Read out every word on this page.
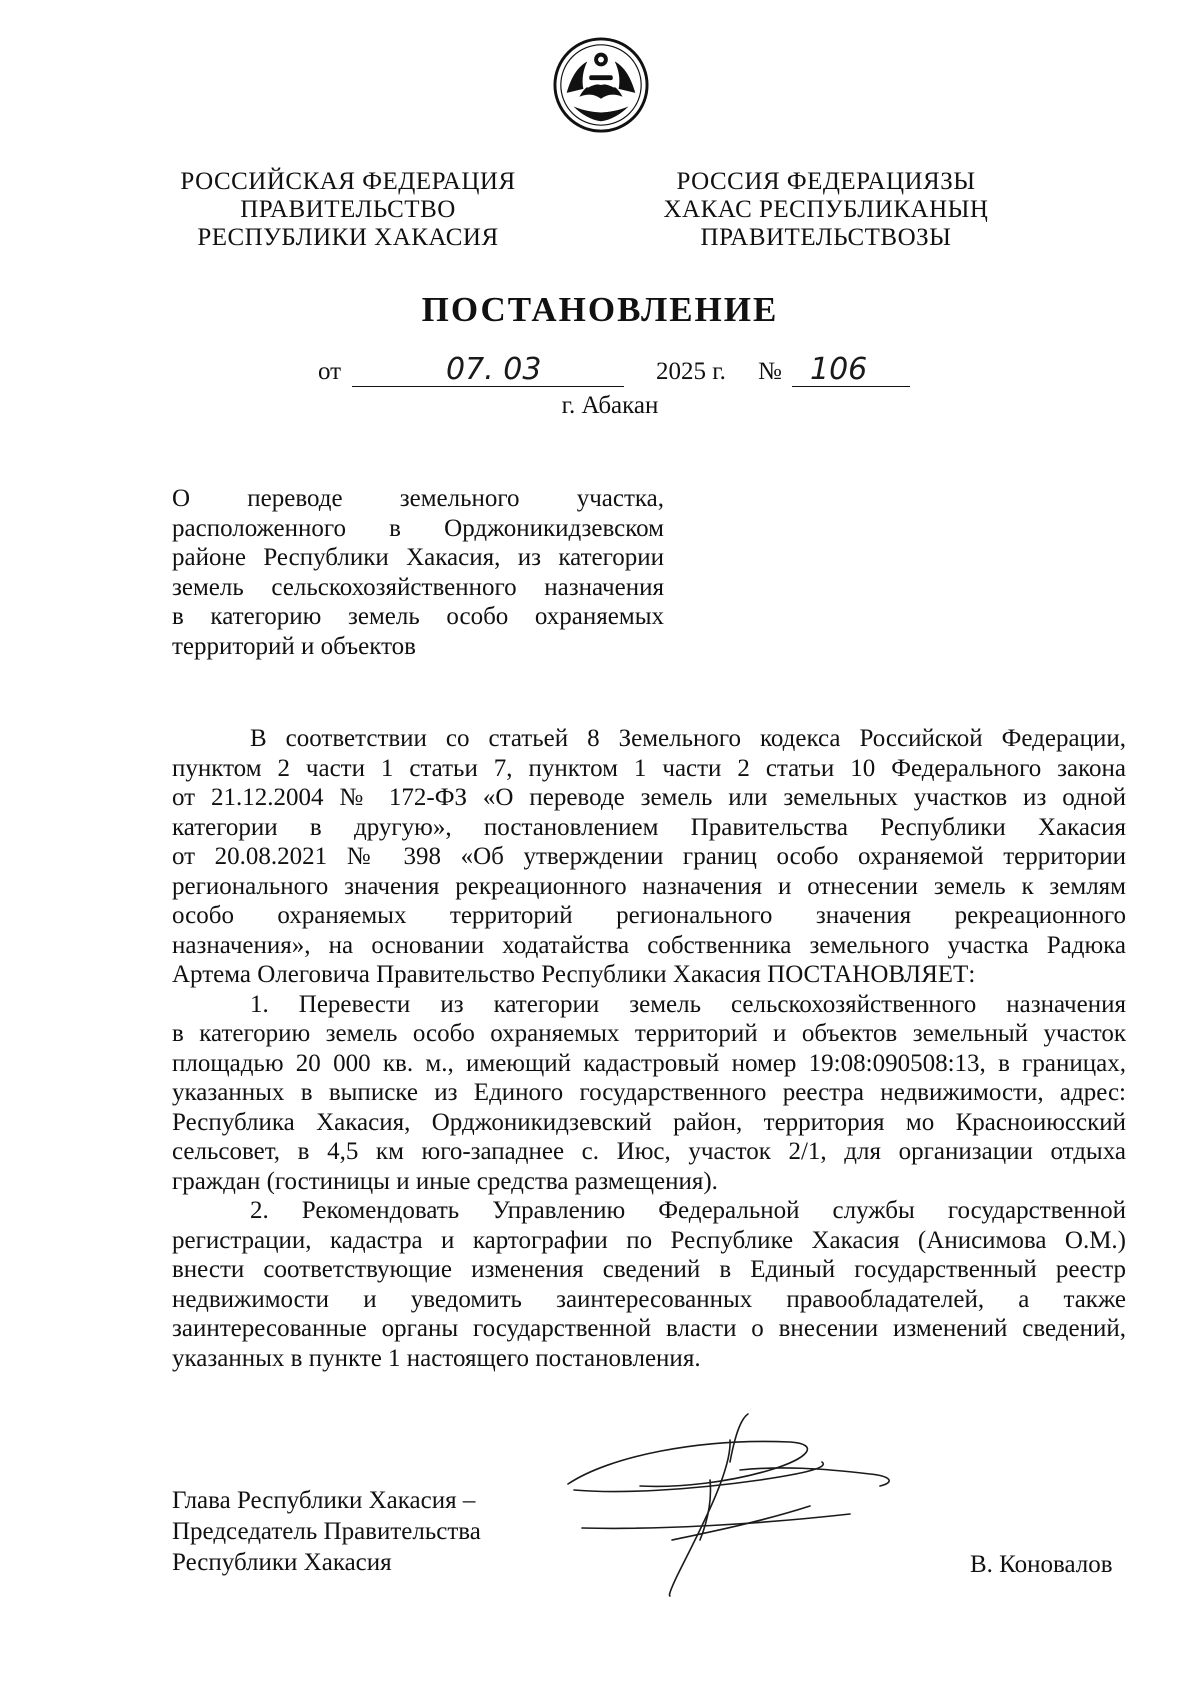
РОССИЙСКАЯ ФЕДЕРАЦИЯ
ПРАВИТЕЛЬСТВО
РЕСПУБЛИКИ ХАКАСИЯ
РОССИЯ ФЕДЕРАЦИЯЗЫ
ХАКАС РЕСПУБЛИКАНЫҢ
ПРАВИТЕЛЬСТВОЗЫ
ПОСТАНОВЛЕНИЕ
от	07. 03	2025 г. № 106
г. Абакан
О переводе земельного участка,
расположенного в Орджоникидзевском
районе Республики Хакасия, из категории
земель сельскохозяйственного назначения
в категорию земель особо охраняемых
территорий и объектов
В соответствии со статьей 8 Земельного кодекса Российской Федерации,
пунктом 2 части 1 статьи 7, пунктом 1 части 2 статьи 10 Федерального закона
от 21.12.2004 № 172-ФЗ «О переводе земель или земельных участков из одной
категории в другую», постановлением Правительства Республики Хакасия
от 20.08.2021 № 398 «Об утверждении границ особо охраняемой территории
регионального значения рекреационного назначения и отнесении земель к землям
особо охраняемых территорий регионального значения рекреационного
назначения», на основании ходатайства собственника земельного участка Радюка
Артема Олеговича Правительство Республики Хакасия ПОСТАНОВЛЯЕТ:
1. Перевести из категории земель сельскохозяйственного назначения
в категорию земель особо охраняемых территорий и объектов земельный участок
площадью 20 000 кв. м., имеющий кадастровый номер 19:08:090508:13, в границах,
указанных в выписке из Единого государственного реестра недвижимости, адрес:
Республика Хакасия, Орджоникидзевский район, территория мо Красноиюсский
сельсовет, в 4,5 км юго-западнее с. Июс, участок 2/1, для организации отдыха
граждан (гостиницы и иные средства размещения).
2. Рекомендовать Управлению Федеральной службы государственной
регистрации, кадастра и картографии по Республике Хакасия (Анисимова О.М.)
внести соответствующие изменения сведений в Единый государственный реестр
недвижимости и уведомить заинтересованных правообладателей, а также
заинтересованные органы государственной власти о внесении изменений сведений,
указанных в пункте 1 настоящего постановления.
Глава Республики Хакасия –
Председатель Правительства
Республики Хакасия	В. Коновалов
